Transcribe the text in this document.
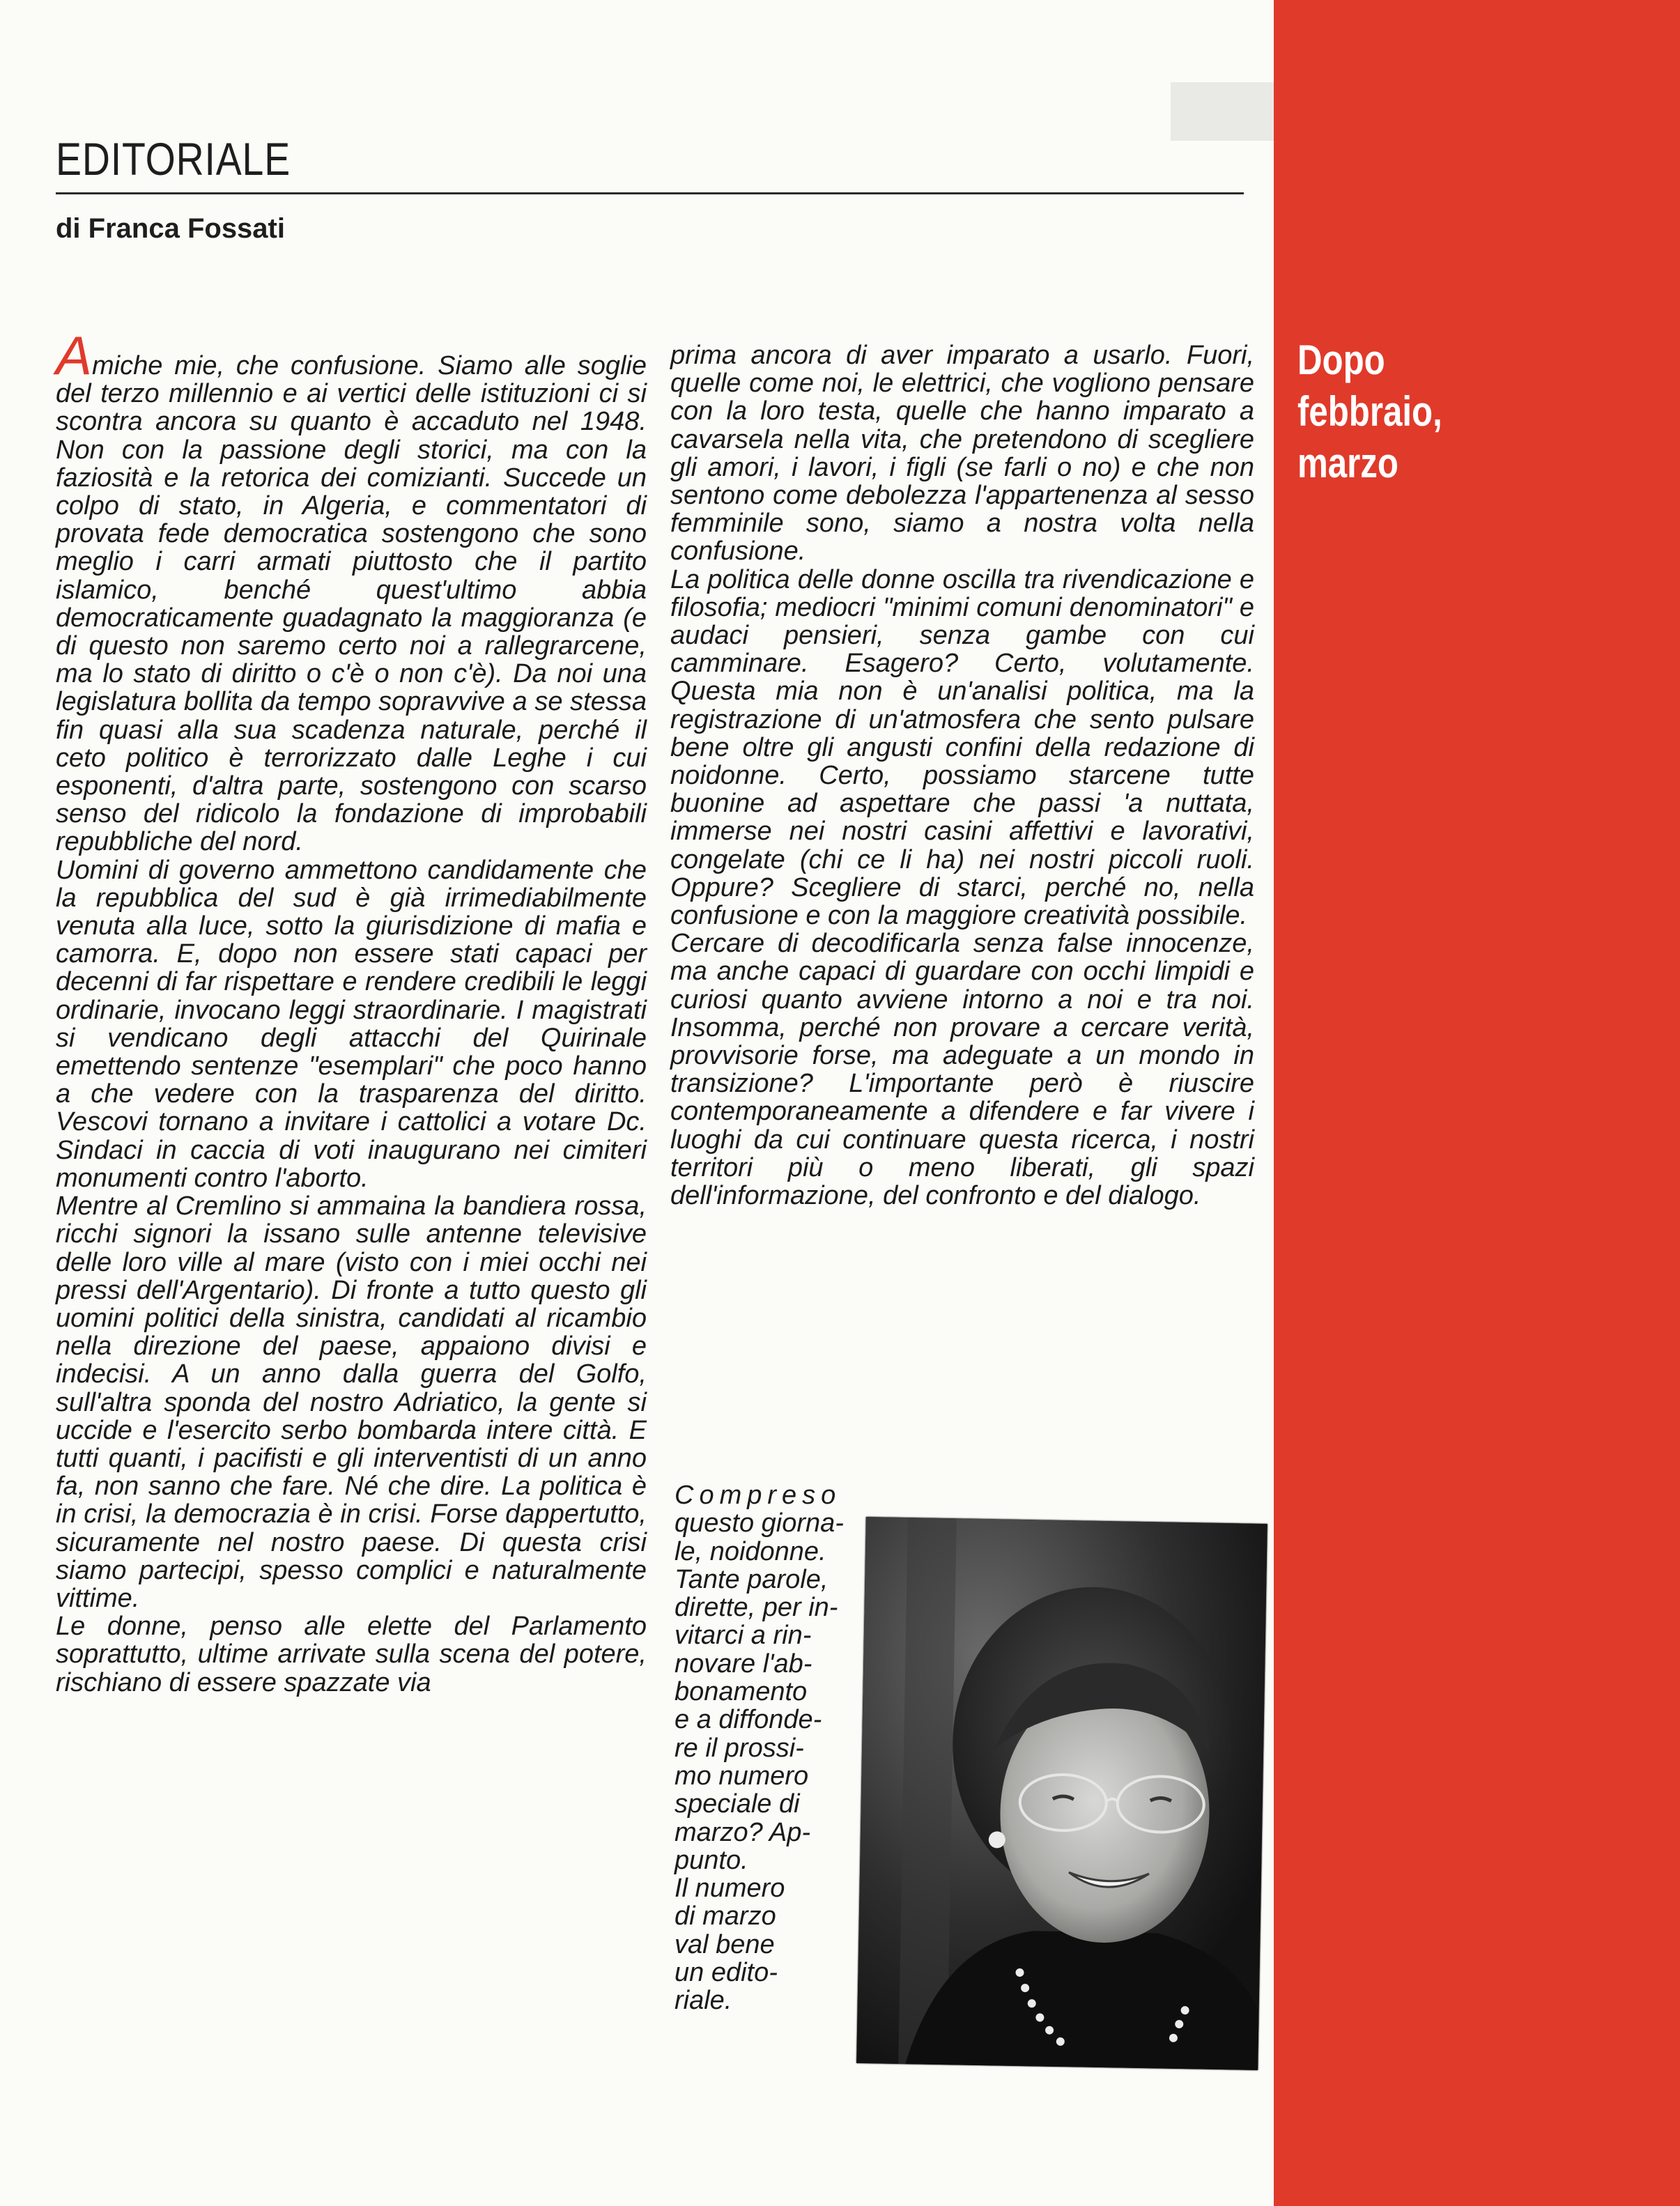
Dopo
febbraio,
marzo
EDITORIALE
di Franca Fossati

Amiche mie, che confusione. Siamo alle soglie del terzo millennio e ai vertici delle istituzioni ci si scontra ancora su quanto è accaduto nel 1948. Non con la passione degli storici, ma con la faziosità e la retorica dei comizianti. Succede un colpo di stato, in Algeria, e commentatori di provata fede democratica sostengono che sono meglio i carri armati piuttosto che il partito islamico, benché quest'ultimo abbia democraticamente guadagnato la maggioranza (e di questo non saremo certo noi a rallegrarcene, ma lo stato di diritto o c'è o non c'è). Da noi una legislatura bollita da tempo sopravvive a se stessa fin quasi alla sua scadenza naturale, perché il ceto politico è terrorizzato dalle Leghe i cui esponenti, d'altra parte, sostengono con scarso senso del ridicolo la fondazione di improbabili repubbliche del nord.

Uomini di governo ammettono candidamente che la repubblica del sud è già irrimediabilmente venuta alla luce, sotto la giurisdizione di mafia e camorra. E, dopo non essere stati capaci per decenni di far rispettare e rendere credibili le leggi ordinarie, invocano leggi straordinarie. I magistrati si vendicano degli attacchi del Quirinale emettendo sentenze "esemplari" che poco hanno a che vedere con la trasparenza del diritto. Vescovi tornano a invitare i cattolici a votare Dc. Sindaci in caccia di voti inaugurano nei cimiteri monumenti contro l'aborto.

Mentre al Cremlino si ammaina la bandiera rossa, ricchi signori la issano sulle antenne televisive delle loro ville al mare (visto con i miei occhi nei pressi dell'Argentario). Di fronte a tutto questo gli uomini politici della sinistra, candidati al ricambio nella direzione del paese, appaiono divisi e indecisi. A un anno dalla guerra del Golfo, sull'altra sponda del nostro Adriatico, la gente si uccide e l'esercito serbo bombarda intere città. E tutti quanti, i pacifisti e gli interventisti di un anno fa, non sanno che fare. Né che dire. La politica è in crisi, la democrazia è in crisi. Forse dappertutto, sicuramente nel nostro paese. Di questa crisi siamo partecipi, spesso complici e naturalmente vittime.

Le donne, penso alle elette del Parlamento soprattutto, ultime arrivate sulla scena del potere, rischiano di essere spazzate via

prima ancora di aver imparato a usarlo. Fuori, quelle come noi, le elettrici, che vogliono pensare con la loro testa, quelle che hanno imparato a cavarsela nella vita, che pretendono di scegliere gli amori, i lavori, i figli (se farli o no) e che non sentono come debolezza l'appartenenza al sesso femminile sono, siamo a nostra volta nella confusione.

La politica delle donne oscilla tra rivendicazione e filosofia; mediocri "minimi comuni denominatori" e audaci pensieri, senza gambe con cui camminare. Esagero? Certo, volutamente. Questa mia non è un'analisi politica, ma la registrazione di un'atmosfera che sento pulsare bene oltre gli angusti confini della redazione di noidonne. Certo, possiamo starcene tutte buonine ad aspettare che passi 'a nuttata, immerse nei nostri casini affettivi e lavorativi, congelate (chi ce li ha) nei nostri piccoli ruoli. Oppure? Scegliere di starci, perché no, nella confusione e con la maggiore creatività possibile.

Cercare di decodificarla senza false innocenze, ma anche capaci di guardare con occhi limpidi e curiosi quanto avviene intorno a noi e tra noi. Insomma, perché non provare a cercare verità, provvisorie forse, ma adeguate a un mondo in transizione? L'importante però è riuscire contemporaneamente a difendere e far vivere i luoghi da cui continuare questa ricerca, i nostri territori più o meno liberati, gli spazi dell'informazione, del confronto e del dialogo.

Compreso

questo giorna-

le, noidonne.

Tante parole,

dirette, per in-

vitarci a rin-

novare l'ab-

bonamento

e a diffonde-

re il prossi-

mo numero

speciale di

marzo? Ap-

punto.

Il numero

di marzo

val bene

un edito-

riale.
